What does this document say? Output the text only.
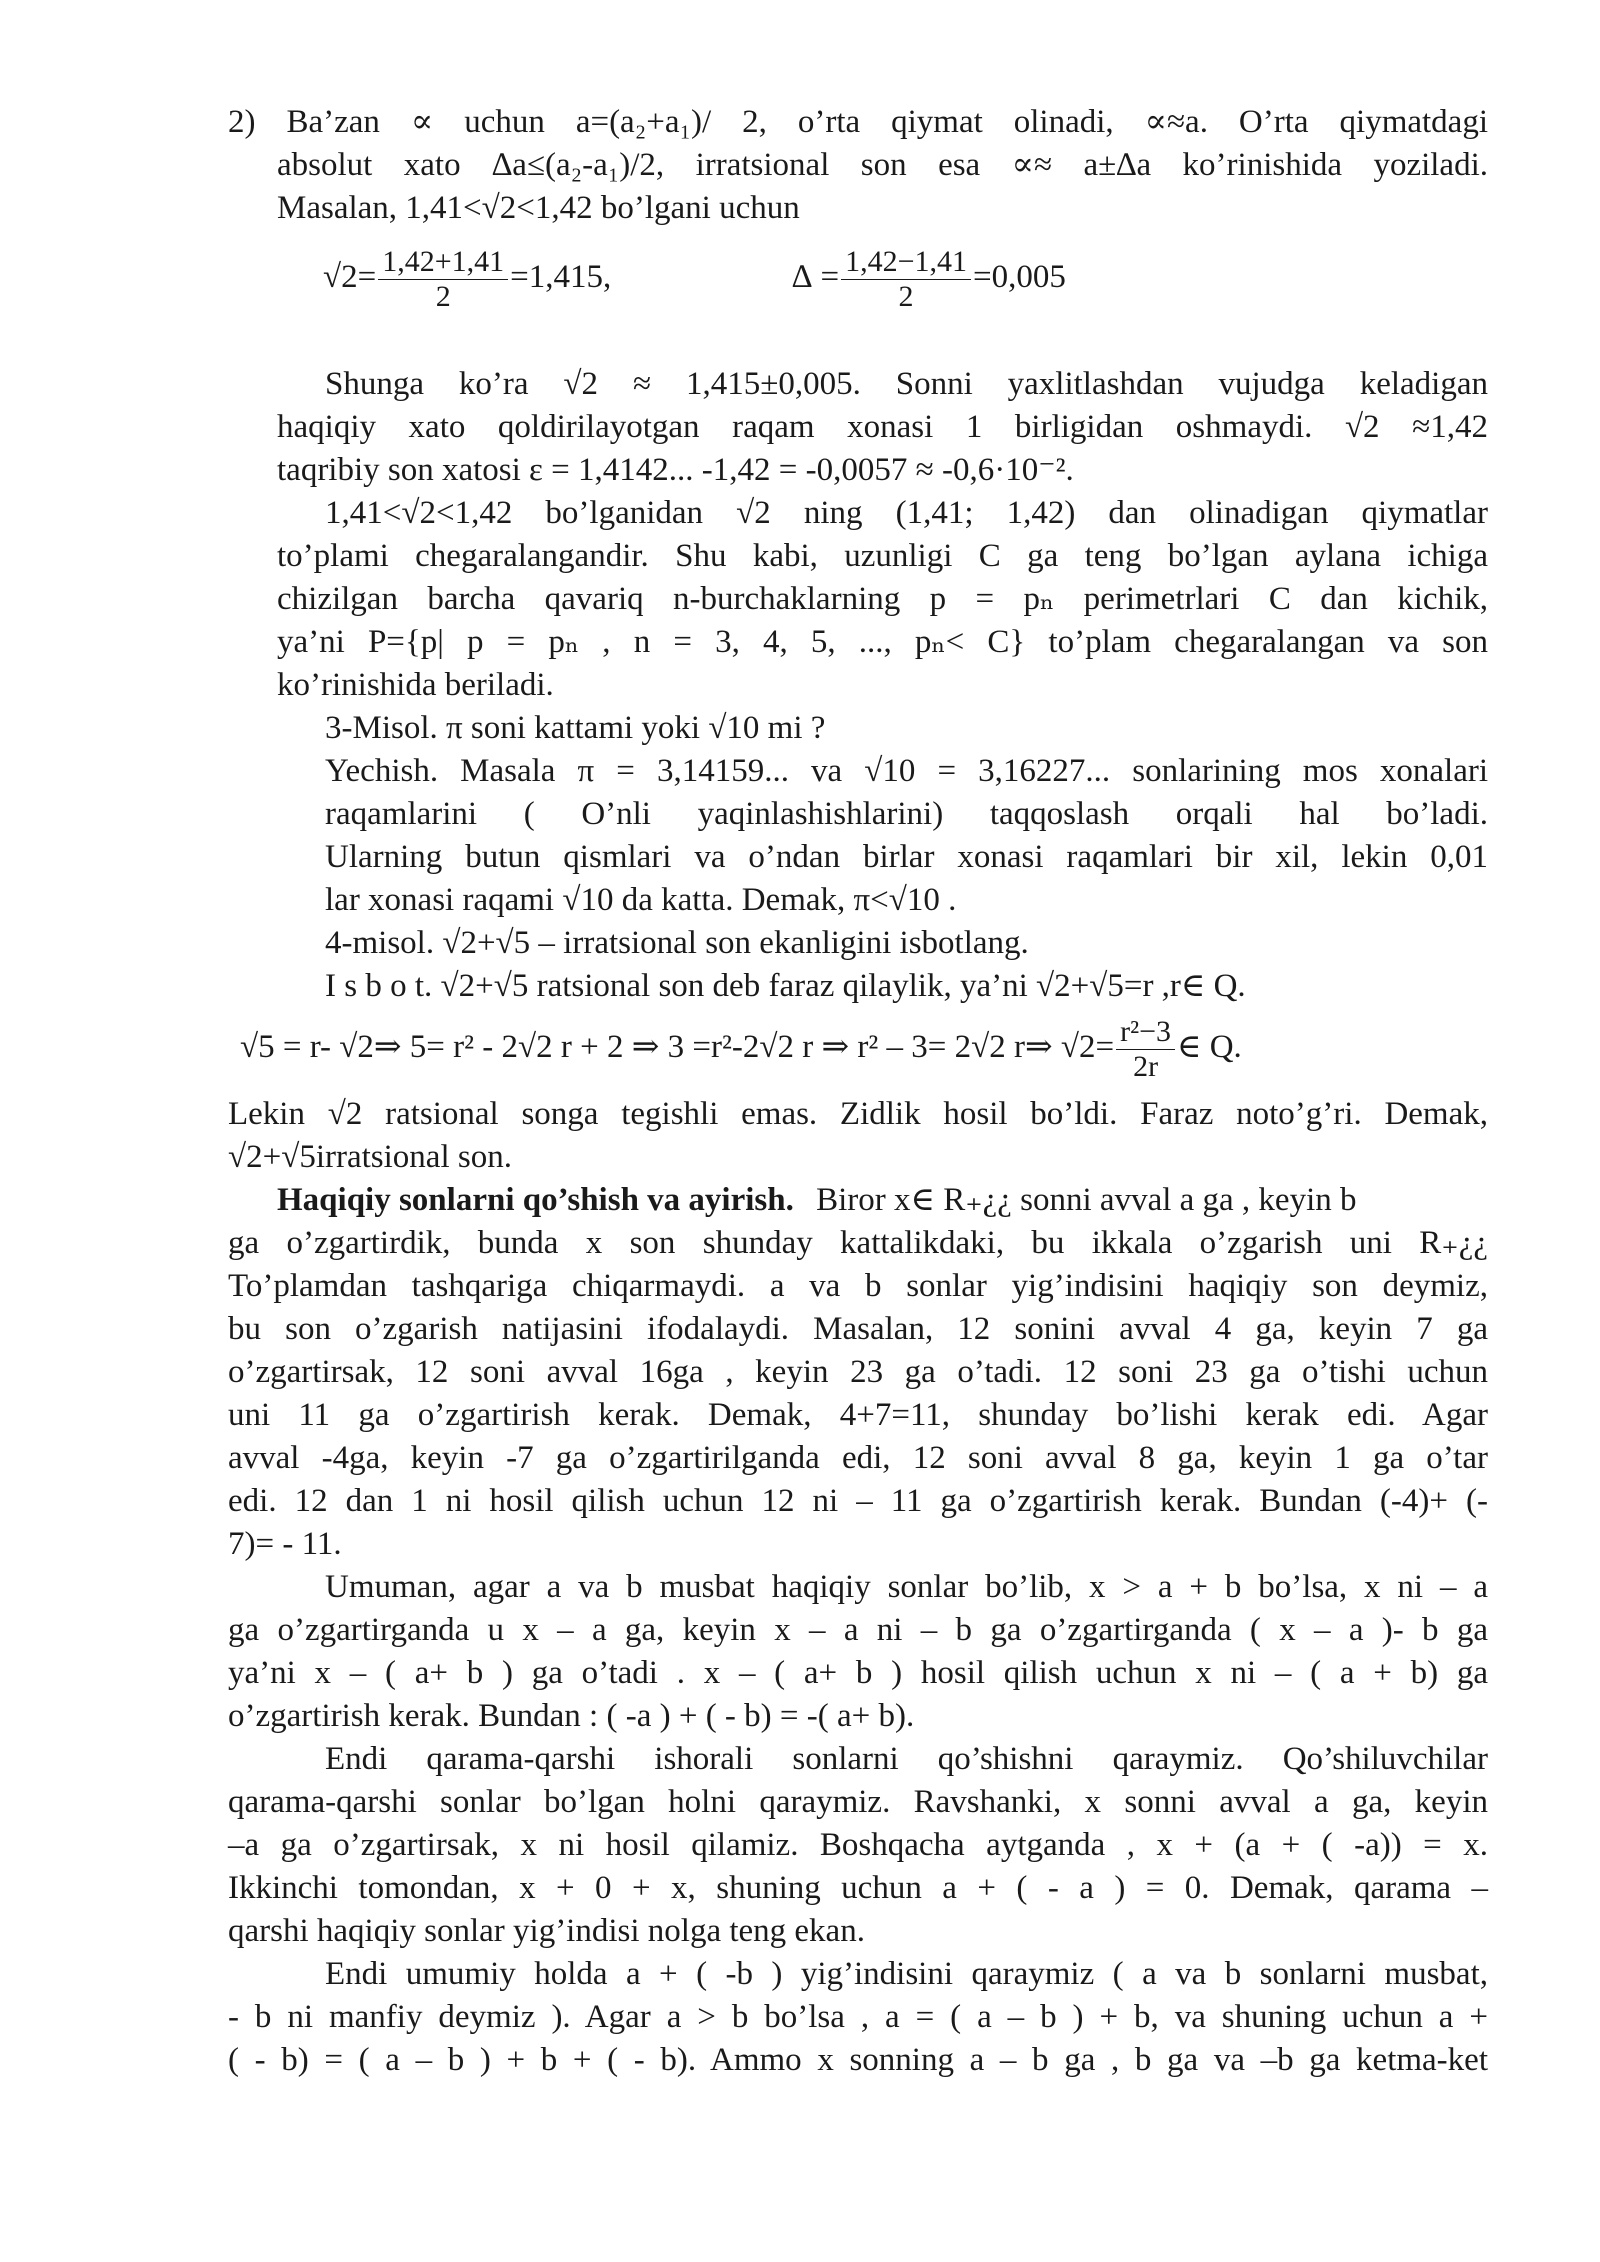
2) Ba’zan ∝ uchun a=(a₂+a₁)/ 2, o’rta qiymat olinadi, ∝≈a. O’rta qiymatdagi
absolut xato ∆a≤(a₂-a₁)/2, irratsional son esa ∝≈ a±∆a ko’rinishida yoziladi.
Masalan, 1,41<√2<1,42 bo’lgani uchun
$√2= \frac{1,42+1,41}{2} =1,415$,	∆ = $\frac{1,42-1,41}{2} =0,005$
Shunga ko’ra √2 ≈ 1,415±0,005. Sonni yaxlitlashdan vujudga keladigan
haqiqiy xato qoldirilayotgan raqam xonasi 1 birligidan oshmaydi. √2 ≈1,42
taqribiy son xatosi ε = 1,4142... -1,42 = -0,0057 ≈ -0,6·10⁻².
1,41<√2<1,42 bo’lganidan √2 ning (1,41; 1,42) dan olinadigan qiymatlar
to’plami chegaralangandir. Shu kabi, uzunligi C ga teng bo’lgan aylana ichiga
chizilgan barcha qavariq n-burchaklarning p = pₙ perimetrlari C dan kichik,
ya’ni P={p| p = pₙ , n = 3, 4, 5, ..., pₙ< C} to’plam chegaralangan va son
ko’rinishida beriladi.
3-Misol. π soni kattami yoki √10 mi ?
Yechish. Masala π = 3,14159... va √10 = 3,16227... sonlarining mos xonalari
raqamlarini ( O’nli yaqinlashishlarini) taqqoslash orqali hal bo’ladi.
Ularning butun qismlari va o’ndan birlar xonasi raqamlari bir xil, lekin 0,01
lar xonasi raqami √10 da katta. Demak, π<√10 .
4-misol. √2+√5 – irratsional son ekanligini isbotlang.
I s b o t. √2+√5 ratsional son deb faraz qilaylik, ya’ni √2+√5=r ,r∈ Q.
√5 = r- √2⇒ 5= r² - 2√2 r + 2 ⇒ 3 =r²-2√2 r ⇒ r² – 3= 2√2 r⇒ $√2= \frac{\text{r²−3}}{2r}$ ∈ Q.
Lekin √2 ratsional songa tegishli emas. Zidlik hosil bo’ldi. Faraz noto’g’ri. Demak,
√2+√5irratsional son.
Haqiqiy sonlarni qo’shish va ayirish. Biror x∈ R₊¿¿ sonni avval a ga , keyin b
ga o’zgartirdik, bunda x son shunday kattalikdaki, bu ikkala o’zgarish uni R₊¿¿
To’plamdan tashqariga chiqarmaydi. a va b sonlar yig’indisini haqiqiy son deymiz,
bu son o’zgarish natijasini ifodalaydi. Masalan, 12 sonini avval 4 ga, keyin 7 ga
o’zgartirsak, 12 soni avval 16ga , keyin 23 ga o’tadi. 12 soni 23 ga o’tishi uchun
uni 11 ga o’zgartirish kerak. Demak, 4+7=11, shunday bo’lishi kerak edi. Agar
avval -4ga, keyin -7 ga o’zgartirilganda edi, 12 soni avval 8 ga, keyin 1 ga o’tar
edi. 12 dan 1 ni hosil qilish uchun 12 ni – 11 ga o’zgartirish kerak. Bundan (-4)+ (-
7)= - 11.
Umuman, agar a va b musbat haqiqiy sonlar bo’lib, x > a + b bo’lsa, x ni – a
ga o’zgartirganda u x – a ga, keyin x – a ni – b ga o’zgartirganda ( x – a )- b ga
ya’ni x – ( a+ b ) ga o’tadi . x – ( a+ b ) hosil qilish uchun x ni – ( a + b) ga
o’zgartirish kerak. Bundan : ( -a ) + ( - b) = -( a+ b).
Endi qarama-qarshi ishorali sonlarni qo’shishni qaraymiz. Qo’shiluvchilar
qarama-qarshi sonlar bo’lgan holni qaraymiz. Ravshanki, x sonni avval a ga, keyin
–a ga o’zgartirsak, x ni hosil qilamiz. Boshqacha aytganda , x + (a + ( -a)) = x.
Ikkinchi tomondan, x + 0 + x, shuning uchun a + ( - a ) = 0. Demak, qarama –
qarshi haqiqiy sonlar yig’indisi nolga teng ekan.
Endi umumiy holda a + ( -b ) yig’indisini qaraymiz ( a va b sonlarni musbat,
- b ni manfiy deymiz ). Agar a > b bo’lsa , a = ( a – b ) + b, va shuning uchun a +
( - b) = ( a – b ) + b + ( - b). Ammo x sonning a – b ga , b ga va –b ga ketma-ket
